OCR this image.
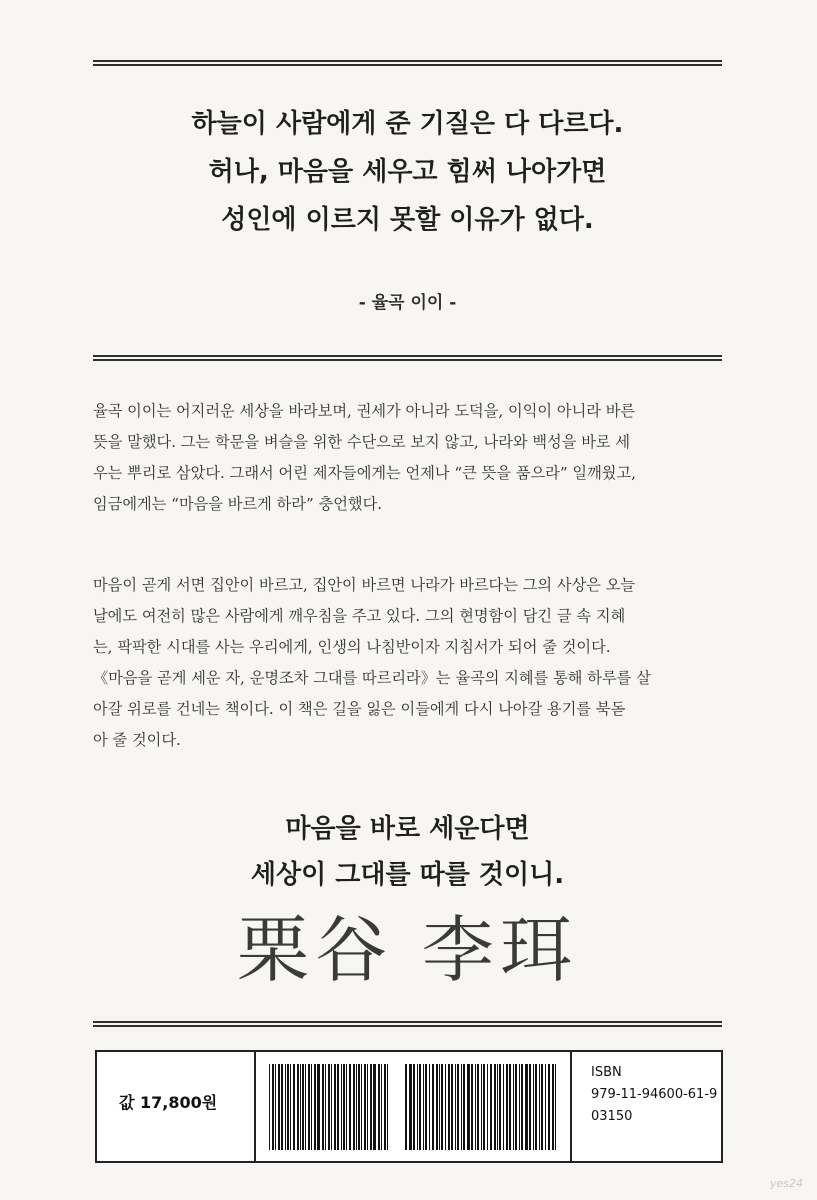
하늘이 사람에게 준 기질은 다 다르다.
허나, 마음을 세우고 힘써 나아가면
성인에 이르지 못할 이유가 없다.
- 율곡 이이 -
율곡 이이는 어지러운 세상을 바라보며, 권세가 아니라 도덕을, 이익이 아니라 바른
뜻을 말했다. 그는 학문을 벼슬을 위한 수단으로 보지 않고, 나라와 백성을 바로 세
우는 뿌리로 삼았다. 그래서 어린 제자들에게는 언제나 “큰 뜻을 품으라” 일깨웠고,
임금에게는 “마음을 바르게 하라” 충언했다.
마음이 곧게 서면 집안이 바르고, 집안이 바르면 나라가 바르다는 그의 사상은 오늘
날에도 여전히 많은 사람에게 깨우침을 주고 있다. 그의 현명함이 담긴 글 속 지혜
는, 팍팍한 시대를 사는 우리에게, 인생의 나침반이자 지침서가 되어 줄 것이다.
《마음을 곧게 세운 자, 운명조차 그대를 따르리라》는 율곡의 지혜를 통해 하루를 살
아갈 위로를 건네는 책이다. 이 책은 길을 잃은 이들에게 다시 나아갈 용기를 북돋
아 줄 것이다.
마음을 바로 세운다면
세상이 그대를 따를 것이니.
栗谷 李珥
값 17,800원
ISBN
979-11-94600-61-9
03150
yes24
